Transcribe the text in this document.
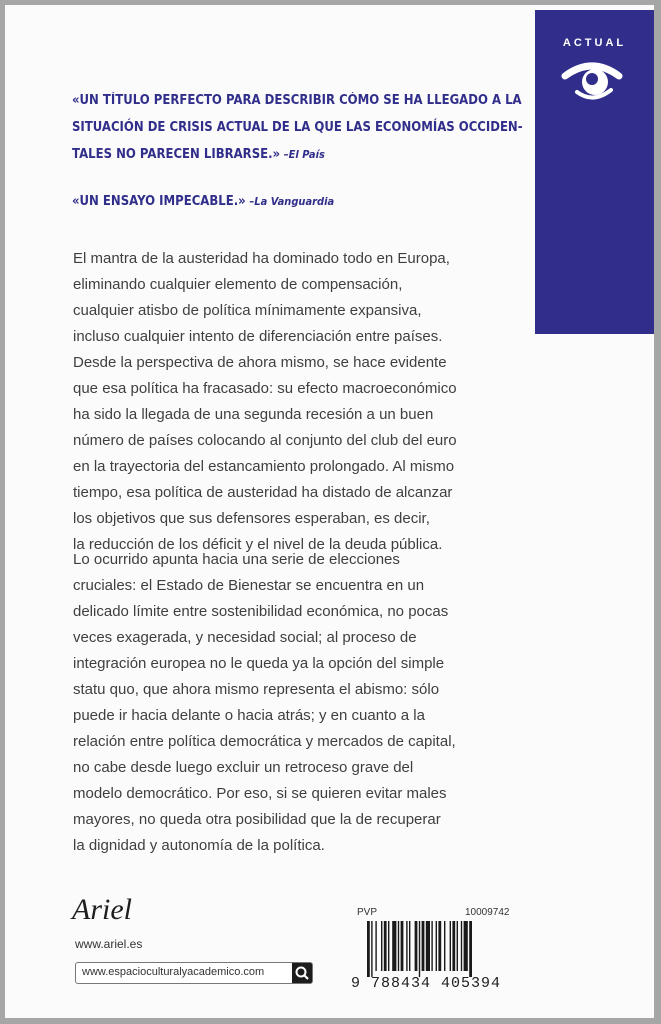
ACTUAL
«UN TÍTULO PERFECTO PARA DESCRIBIR CÓMO SE HA LLEGADO A LA
SITUACIÓN DE CRISIS ACTUAL DE LA QUE LAS ECONOMÍAS OCCIDEN-
TALES NO PARECEN LIBRARSE.» –El País
«UN ENSAYO IMPECABLE.» –La Vanguardia
El mantra de la austeridad ha dominado todo en Europa,
eliminando cualquier elemento de compensación,
cualquier atisbo de política mínimamente expansiva,
incluso cualquier intento de diferenciación entre países.
Desde la perspectiva de ahora mismo, se hace evidente
que esa política ha fracasado: su efecto macroeconómico
ha sido la llegada de una segunda recesión a un buen
número de países colocando al conjunto del club del euro
en la trayectoria del estancamiento prolongado. Al mismo
tiempo, esa política de austeridad ha distado de alcanzar
los objetivos que sus defensores esperaban, es decir,
la reducción de los déficit y el nivel de la deuda pública.
Lo ocurrido apunta hacia una serie de elecciones
cruciales: el Estado de Bienestar se encuentra en un
delicado límite entre sostenibilidad económica, no pocas
veces exagerada, y necesidad social; al proceso de
integración europea no le queda ya la opción del simple
statu quo, que ahora mismo representa el abismo: sólo
puede ir hacia delante o hacia atrás; y en cuanto a la
relación entre política democrática y mercados de capital,
no cabe desde luego excluir un retroceso grave del
modelo democrático. Por eso, si se quieren evitar males
mayores, no queda otra posibilidad que la de recuperar
la dignidad y autonomía de la política.
Ariel
www.ariel.es
www.espacioculturalyacademico.com
PVP	10009742
9 788434 405394
